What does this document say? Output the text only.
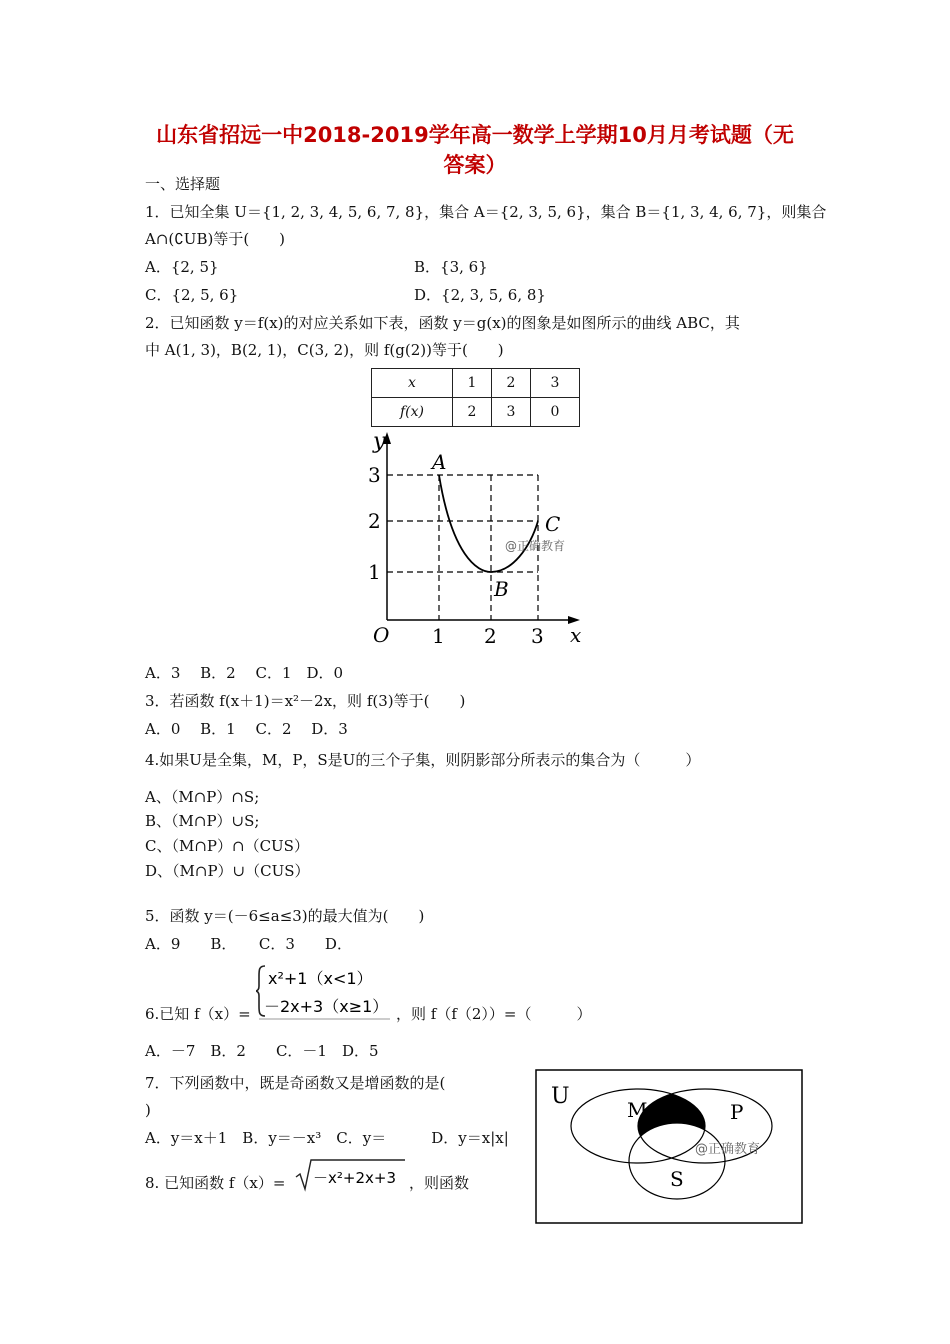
山东省招远一中2018-2019学年高一数学上学期10月月考试题（无
答案）
一、选择题
1．已知全集 U＝{1, 2, 3, 4, 5, 6, 7, 8}，集合 A＝{2, 3, 5, 6}，集合 B＝{1, 3, 4, 6, 7}，则集合
A∩(∁UB)等于(　　)
A．{2, 5}	B．{3, 6}
C．{2, 5, 6}	D．{2, 3, 5, 6, 8}
2．已知函数 y＝f(x)的对应关系如下表，函数 y＝g(x)的图象是如图所示的曲线 ABC，其
中 A(1, 3)，B(2, 1)，C(3, 2)，则 f(g(2))等于(　　)
x	1	2	3
f(x)	2	3	0
y
x
O 1 2 3
1
2
3
A
B
C
@正确教育
A．3　 B．2　 C．1　D．0
3．若函数 f(x＋1)＝x²－2x，则 f(3)等于(　　)
A．0　 B．1　 C．2　 D．3
4.如果U是全集，M，P，S是U的三个子集，则阴影部分所表示的集合为（　　　）
A、（M∩P）∩S;
B、（M∩P）∪S;
C、（M∩P）∩（CUS）
D、（M∩P）∪（CUS）
5．函数 y＝(－6≤a≤3)的最大值为(　　)
A．9　　B．　　C．3　　D．
x²+1（x<1）
－2x+3（x≥1）
6.已知 f（x）=	，则 f（f（2））=（　　　）
A．－7　B．2　　C．－1　D．5
7．下列函数中，既是奇函数又是增函数的是(
)
A．y＝x＋1　B．y＝－x³　C．y＝　　　D．y＝x|x|
8. 已知函数 f（x）= －x²+2x+3 ，则函数
U
M	P
S
@正确教育
